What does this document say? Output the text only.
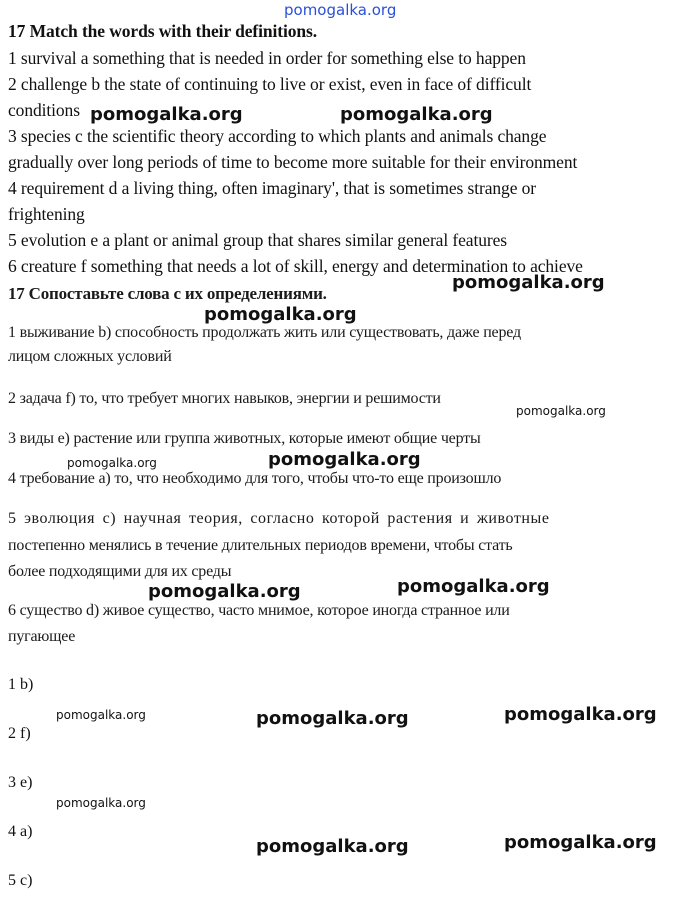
pomogalka.org
17 Match the words with their definitions.
1 survival a something that is needed in order for something else to happen
2 challenge b the state of continuing to live or exist, even in face of difficult
conditions
3 species c the scientific theory according to which plants and animals change
gradually over long periods of time to become more suitable for their environment
4 requirement d a living thing, often imaginary', that is sometimes strange or
frightening
5 evolution e a plant or animal group that shares similar general features
6 creature f something that needs a lot of skill, energy and determination to achieve
17 Сопоставьте слова с их определениями.
1 выживание b) способность продолжать жить или существовать, даже перед
лицом сложных условий
2 задача f) то, что требует многих навыков, энергии и решимости
3 виды e) растение или группа животных, которые имеют общие черты
4 требование a) то, что необходимо для того, чтобы что-то еще произошло
5 эволюция c) научная теория, согласно которой растения и животные
постепенно менялись в течение длительных периодов времени, чтобы стать
более подходящими для их среды
6 существо d) живое существо, часто мнимое, которое иногда странное или
пугающее
1 b)
2 f)
3 e)
4 a)
5 c)
pomogalka.org	pomogalka.org
pomogalka.org
pomogalka.org
pomogalka.org
pomogalka.org	pomogalka.org
pomogalka.org
pomogalka.org
pomogalka.org	pomogalka.org	pomogalka.org
pomogalka.org
pomogalka.org	pomogalka.org
